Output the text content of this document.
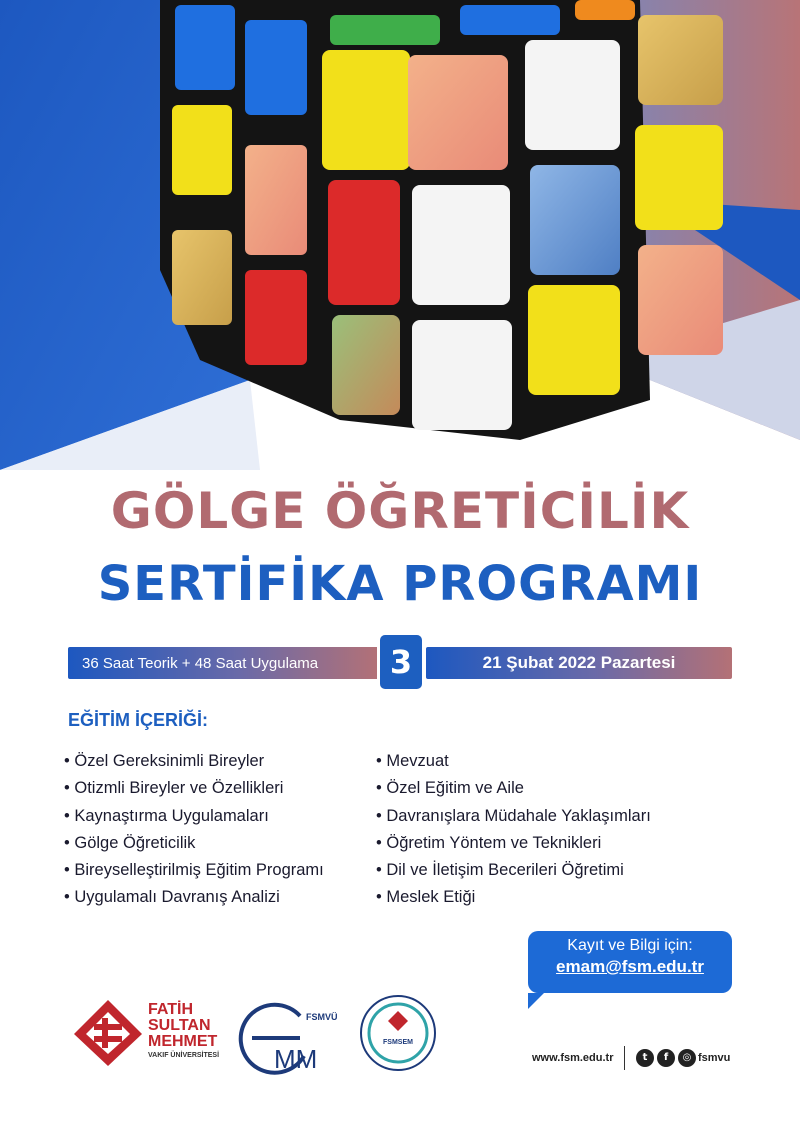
GÖLGE ÖĞRETİCİLİK
SERTİFİKA PROGRAMI
36 Saat Teorik + 48 Saat Uygulama	3	21 Şubat 2022 Pazartesi
EĞİTİM İÇERİĞİ:
• Özel Gereksinimli Bireyler
• Otizmli Bireyler ve Özellikleri
• Kaynaştırma Uygulamaları
• Gölge Öğreticilik
• Bireyselleştirilmiş Eğitim Programı
• Uygulamalı Davranış Analizi
• Mevzuat
• Özel Eğitim ve Aile
• Davranışlara Müdahale Yaklaşımları
• Öğretim Yöntem ve Teknikleri
• Dil ve İletişim Becerileri Öğretimi
• Meslek Etiği
Kayıt ve Bilgi için:
emam@fsm.edu.tr
FATİH
SULTAN
MEHMET
VAKIF ÜNİVERSİTESİ MM
FSMVÜ
FSMSEM
www.fsm.edu.tr	t	f	◎ fsmvu
